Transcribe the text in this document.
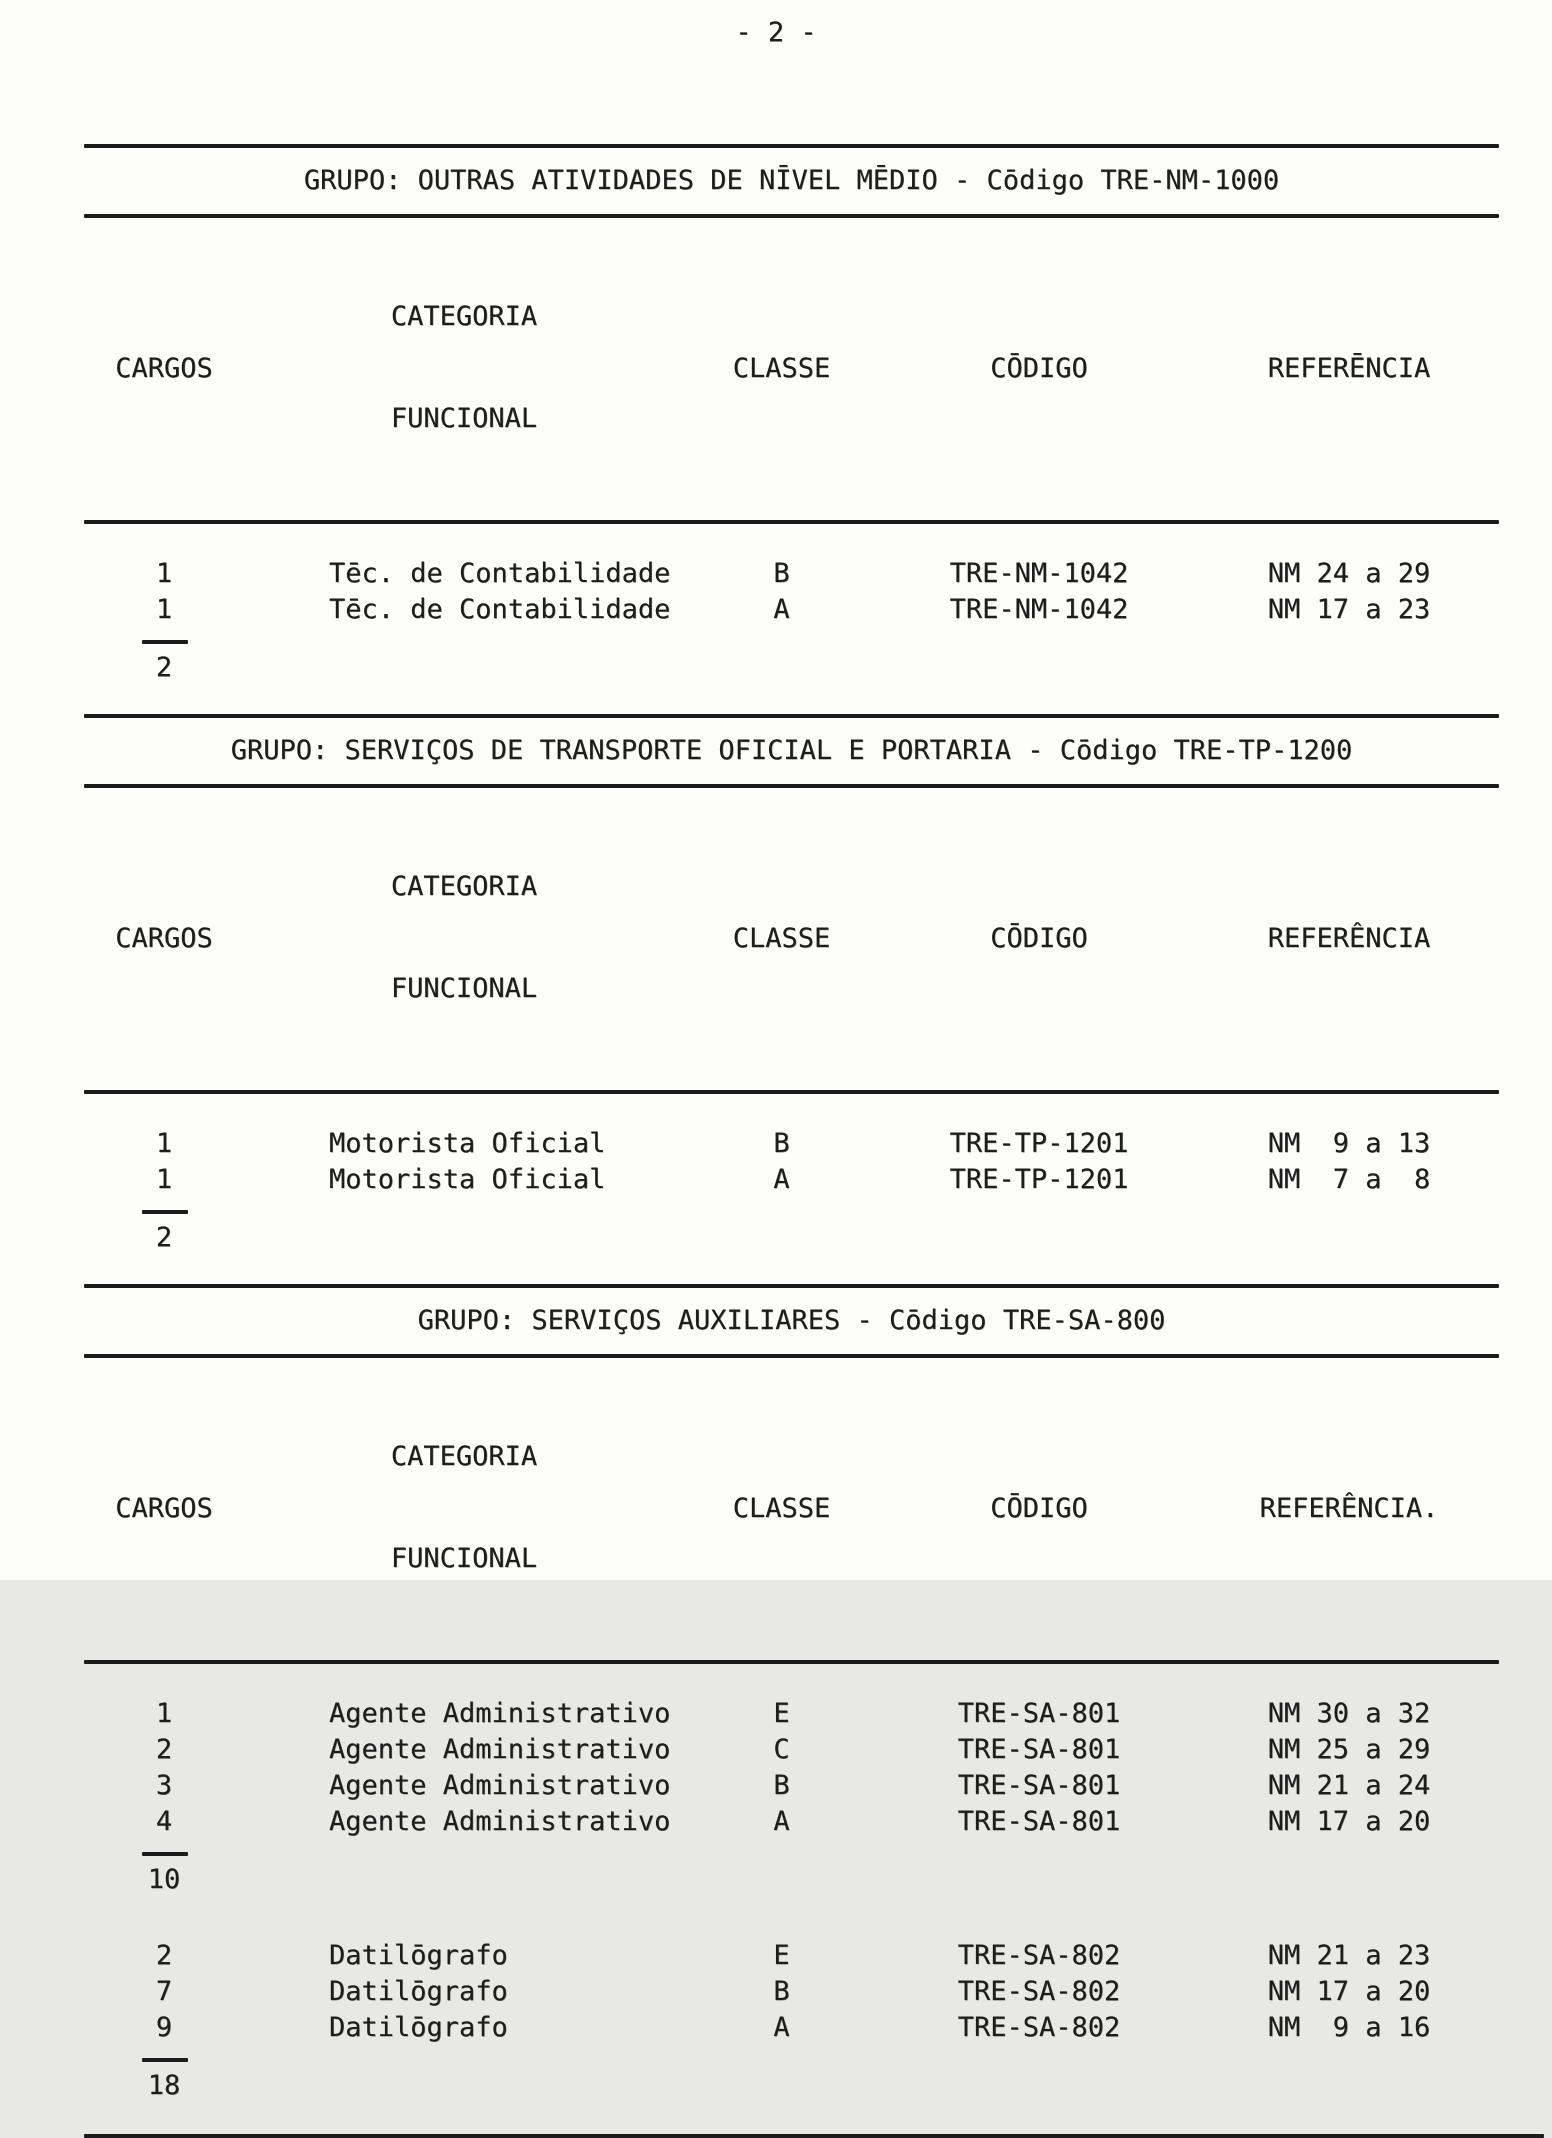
- 2 -
GRUPO: OUTRAS ATIVIDADES DE NĪVEL MĒDIO - Cōdigo TRE-NM-1000
CARGOS

CATEGORIA

FUNCIONAL

CLASSE	CŌDIGO	REFERĒNCIA
1	Tēc. de Contabilidade	B	TRE-NM-1042	NM 24 a 29
1	Tēc. de Contabilidade	A	TRE-NM-1042	NM 17 a 23
2
GRUPO: SERVIÇOS DE TRANSPORTE OFICIAL E PORTARIA - Cōdigo TRE-TP-1200
CARGOS

CATEGORIA

FUNCIONAL

CLASSE	CŌDIGO	REFERÊNCIA
1	Motorista Oficial	B	TRE-TP-1201	NM  9 a 13
1	Motorista Oficial	A	TRE-TP-1201	NM  7 a  8
2
GRUPO: SERVIÇOS AUXILIARES - Cōdigo TRE-SA-800
CARGOS

CATEGORIA

FUNCIONAL

CLASSE	CŌDIGO	REFERÊNCIA.
1	Agente Administrativo	E	TRE-SA-801	NM 30 a 32
2	Agente Administrativo	C	TRE-SA-801	NM 25 a 29
3	Agente Administrativo	B	TRE-SA-801	NM 21 a 24
4	Agente Administrativo	A	TRE-SA-801	NM 17 a 20
10
2	Datilōgrafo	E	TRE-SA-802	NM 21 a 23
7	Datilōgrafo	B	TRE-SA-802	NM 17 a 20
9	Datilōgrafo	A	TRE-SA-802	NM  9 a 16
18
